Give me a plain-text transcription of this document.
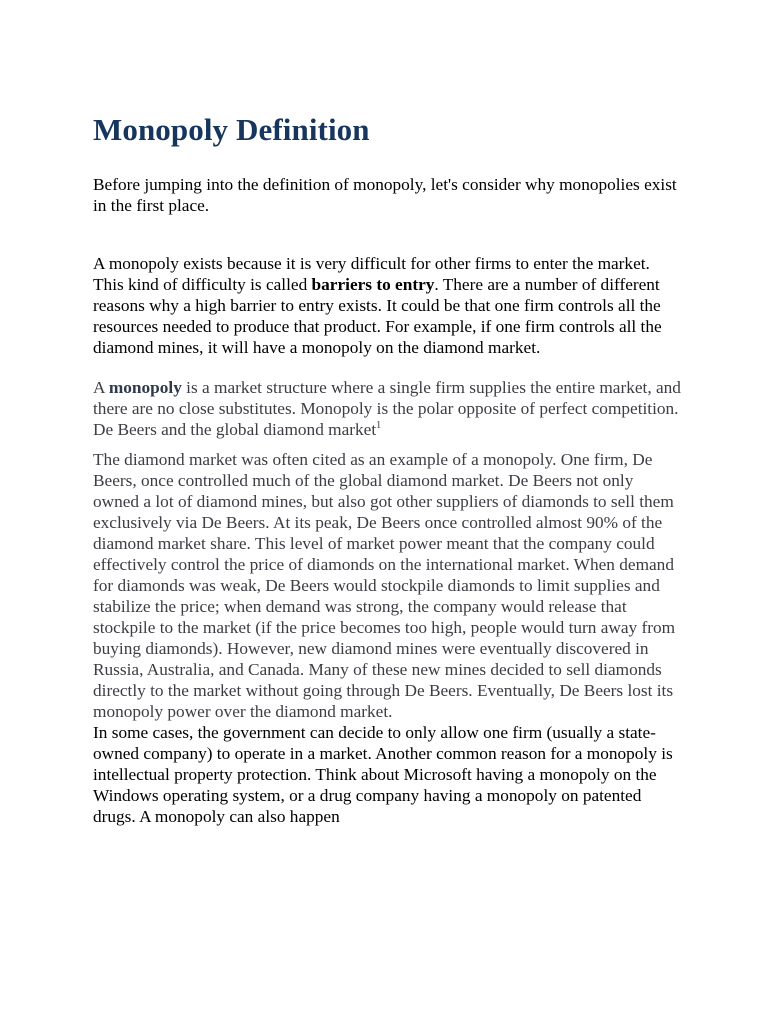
Monopoly Definition

Before jumping into the definition of monopoly, let's consider why monopolies exist in the first place.

A monopoly exists because it is very difficult for other firms to enter the market. This kind of difficulty is called barriers to entry. There are a number of different reasons why a high barrier to entry exists. It could be that one firm controls all the resources needed to produce that product. For example, if one firm controls all the diamond mines, it will have a monopoly on the diamond market.

A monopoly is a market structure where a single firm supplies the entire market, and there are no close substitutes. Monopoly is the polar opposite of perfect competition.

De Beers and the global diamond market$^1$

The diamond market was often cited as an example of a monopoly. One firm, De Beers, once controlled much of the global diamond market. De Beers not only owned a lot of diamond mines, but also got other suppliers of diamonds to sell them exclusively via De Beers. At its peak, De Beers once controlled almost 90% of the diamond market share. This level of market power meant that the company could effectively control the price of diamonds on the international market. When demand for diamonds was weak, De Beers would stockpile diamonds to limit supplies and stabilize the price; when demand was strong, the company would release that stockpile to the market (if the price becomes too high, people would turn away from buying diamonds). However, new diamond mines were eventually discovered in Russia, Australia, and Canada. Many of these new mines decided to sell diamonds directly to the market without going through De Beers. Eventually, De Beers lost its monopoly power over the diamond market.

In some cases, the government can decide to only allow one firm (usually a state-owned company) to operate in a market. Another common reason for a monopoly is intellectual property protection. Think about Microsoft having a monopoly on the Windows operating system, or a drug company having a monopoly on patented drugs. A monopoly can also happen
